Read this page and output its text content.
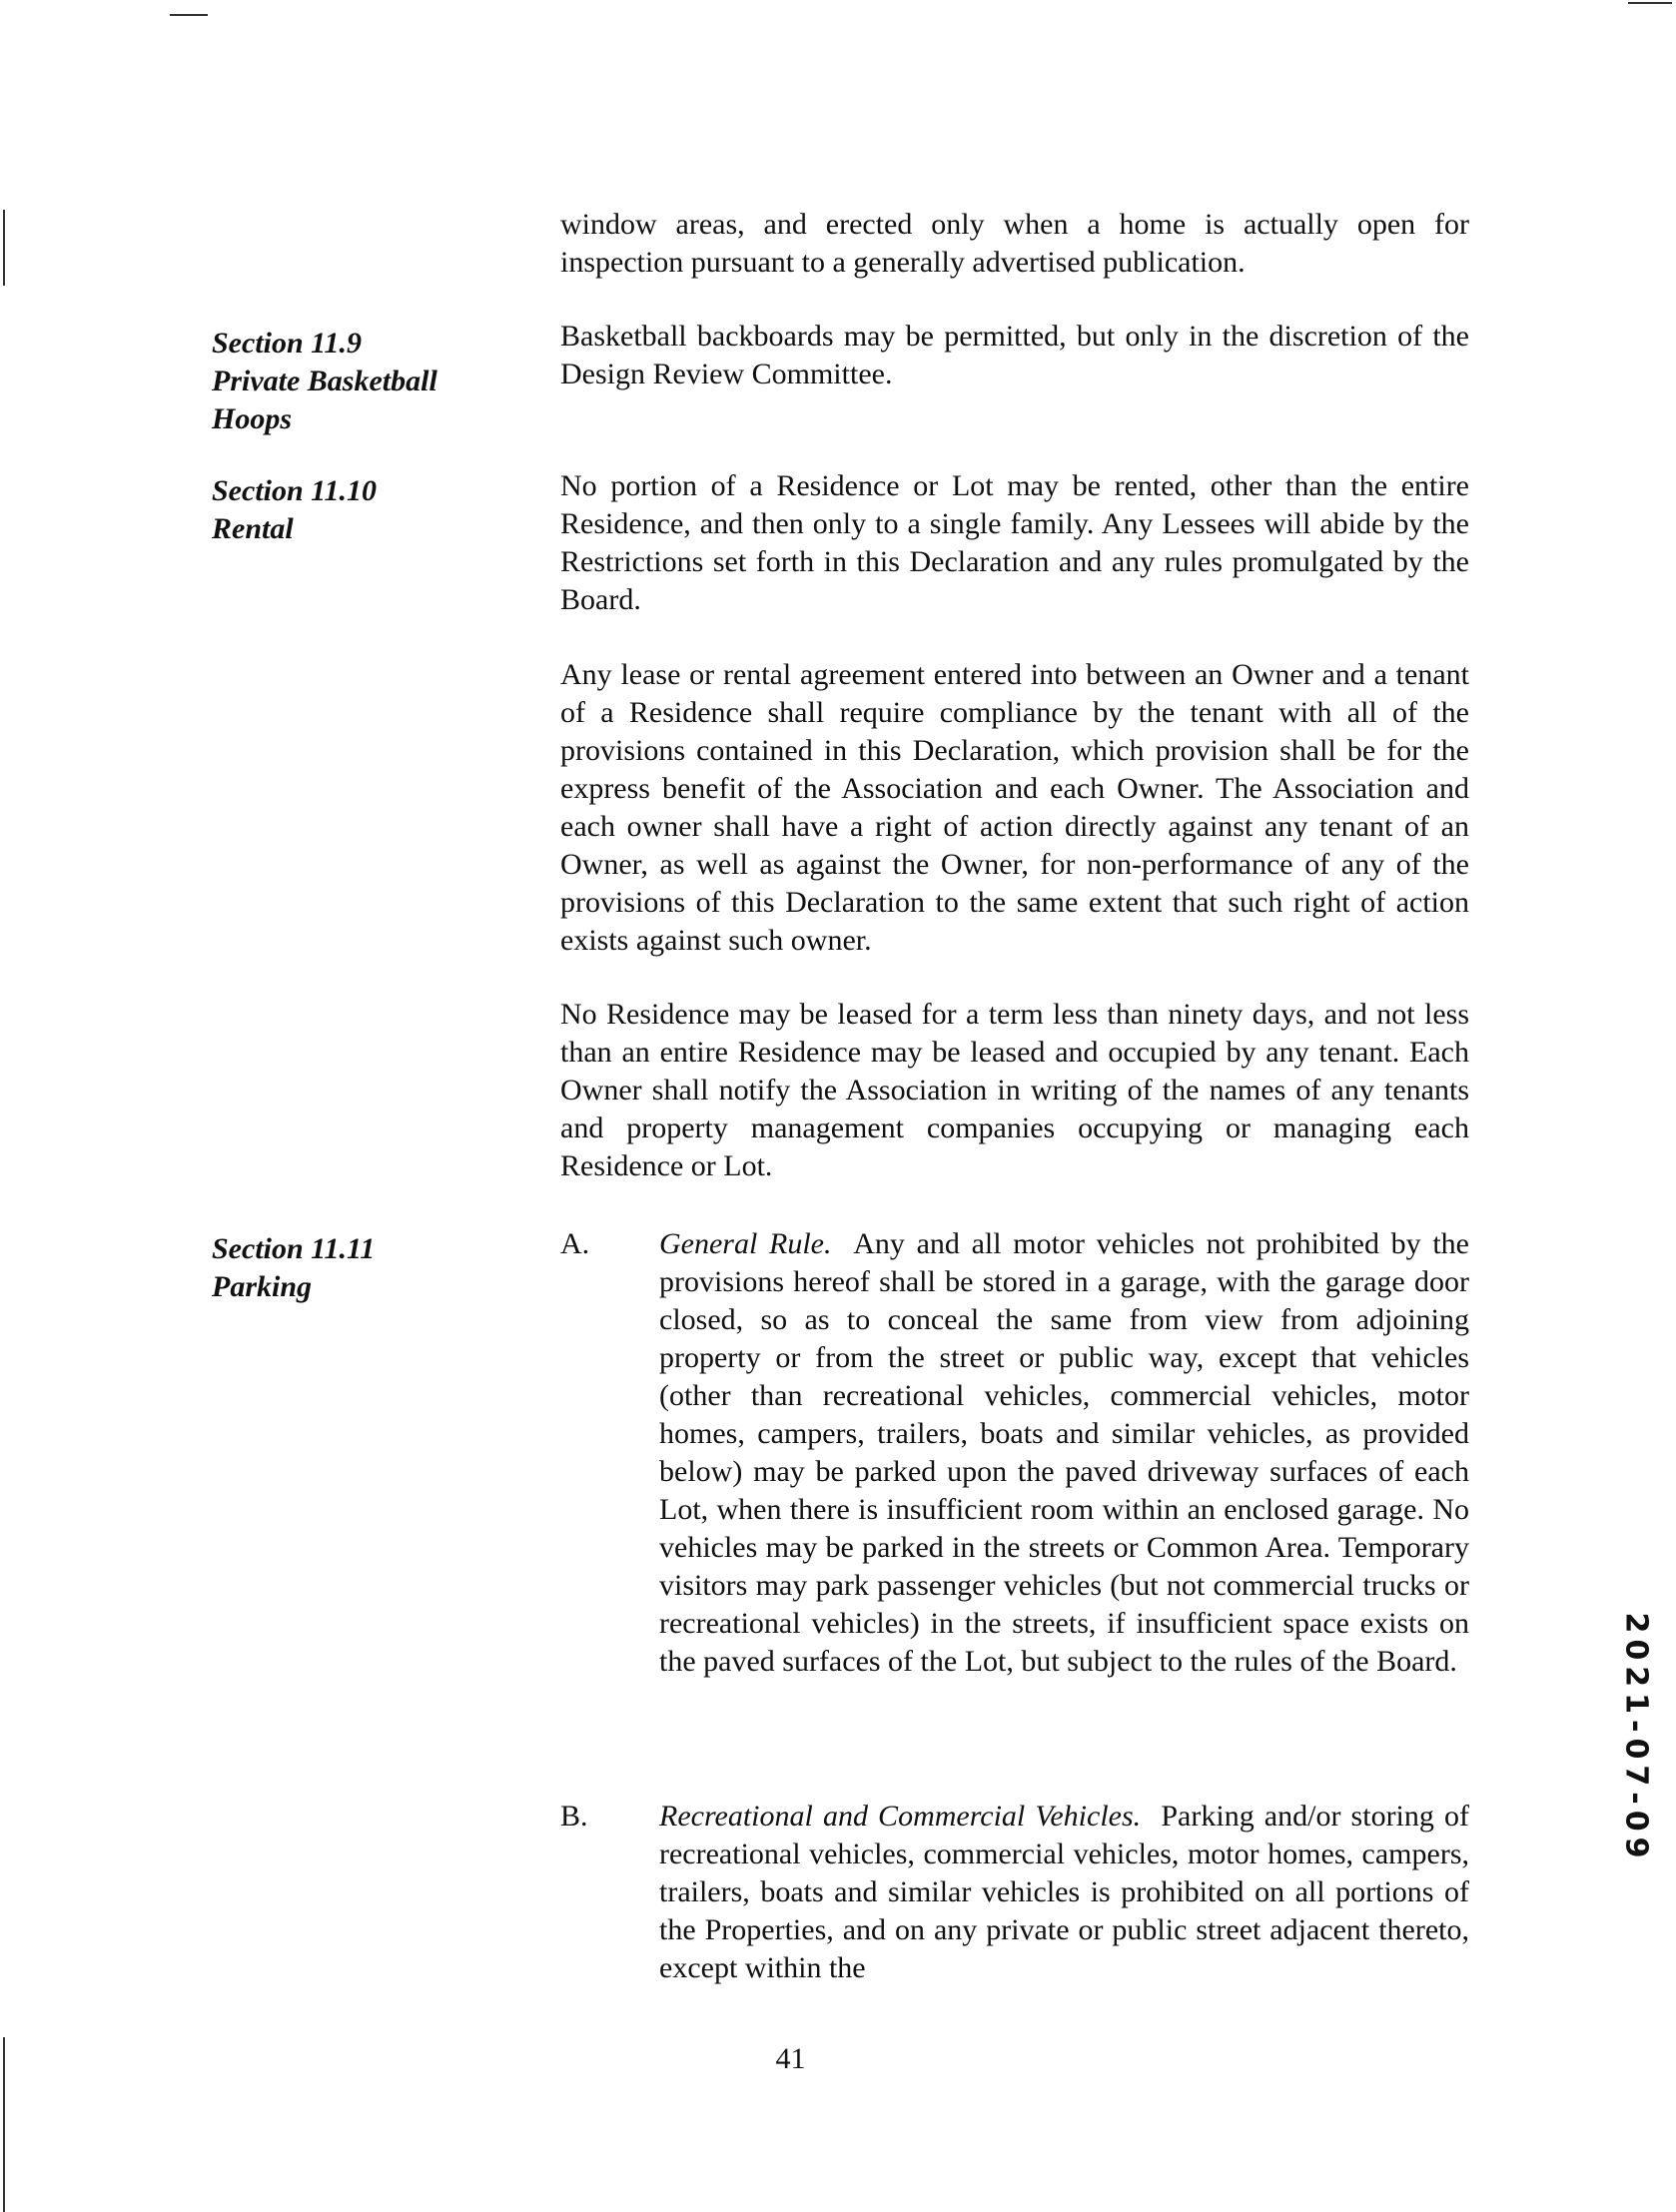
window areas, and erected only when a home is actually open for inspection pursuant to a generally advertised publication.

Section 11.9
Private Basketball Hoops

Basketball backboards may be permitted, but only in the discretion of the Design Review Committee.

Section 11.10
Rental

No portion of a Residence or Lot may be rented, other than the entire Residence, and then only to a single family. Any Lessees will abide by the Restrictions set forth in this Declaration and any rules promulgated by the Board.

Any lease or rental agreement entered into between an Owner and a tenant of a Residence shall require compliance by the tenant with all of the provisions contained in this Declaration, which provision shall be for the express benefit of the Association and each Owner. The Association and each owner shall have a right of action directly against any tenant of an Owner, as well as against the Owner, for non-performance of any of the provisions of this Declaration to the same extent that such right of action exists against such owner.

No Residence may be leased for a term less than ninety days, and not less than an entire Residence may be leased and occupied by any tenant. Each Owner shall notify the Association in writing of the names of any tenants and property management companies occupying or managing each Residence or Lot.

Section 11.11
Parking
A. General Rule. Any and all motor vehicles not prohibited by the provisions hereof shall be stored in a garage, with the garage door closed, so as to conceal the same from view from adjoining property or from the street or public way, except that vehicles (other than recreational vehicles, commercial vehicles, motor homes, campers, trailers, boats and similar vehicles, as provided below) may be parked upon the paved driveway surfaces of each Lot, when there is insufficient room within an enclosed garage. No vehicles may be parked in the streets or Common Area. Temporary visitors may park passenger vehicles (but not commercial trucks or recreational vehicles) in the streets, if insufficient space exists on the paved surfaces of the Lot, but subject to the rules of the Board.

B. Recreational and Commercial Vehicles. Parking and/or storing of recreational vehicles, commercial vehicles, motor homes, campers, trailers, boats and similar vehicles is prohibited on all portions of the Properties, and on any private or public street adjacent thereto, except within the

41
2021-07-09
